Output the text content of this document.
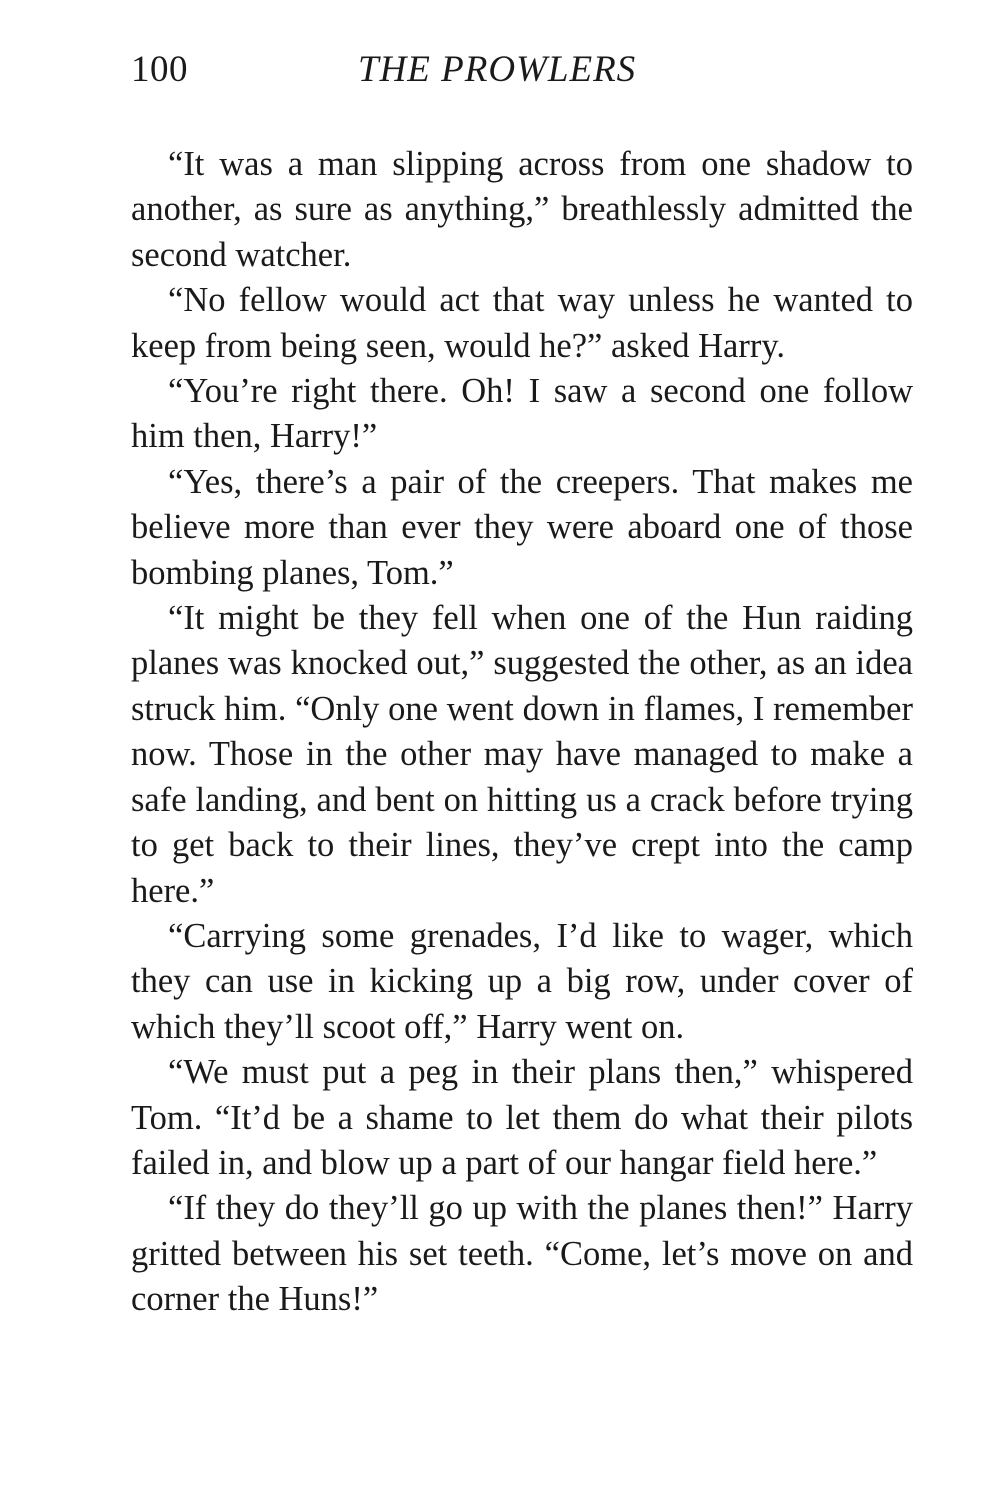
100	THE PROWLERS

“It was a man slipping across from one shadow to another, as sure as anything,” breathlessly admitted the second watcher.

“No fellow would act that way unless he wanted to keep from being seen, would he?” asked Harry.

“You’re right there. Oh! I saw a second one follow him then, Harry!”

“Yes, there’s a pair of the creepers. That makes me believe more than ever they were aboard one of those bombing planes, Tom.”

“It might be they fell when one of the Hun raiding planes was knocked out,” suggested the other, as an idea struck him. “Only one went down in flames, I remember now. Those in the other may have managed to make a safe landing, and bent on hitting us a crack before trying to get back to their lines, they’ve crept into the camp here.”

“Carrying some grenades, I’d like to wager, which they can use in kicking up a big row, under cover of which they’ll scoot off,” Harry went on.

“We must put a peg in their plans then,” whispered Tom. “It’d be a shame to let them do what their pilots failed in, and blow up a part of our hangar field here.”

“If they do they’ll go up with the planes then!” Harry gritted between his set teeth. “Come, let’s move on and corner the Huns!”
